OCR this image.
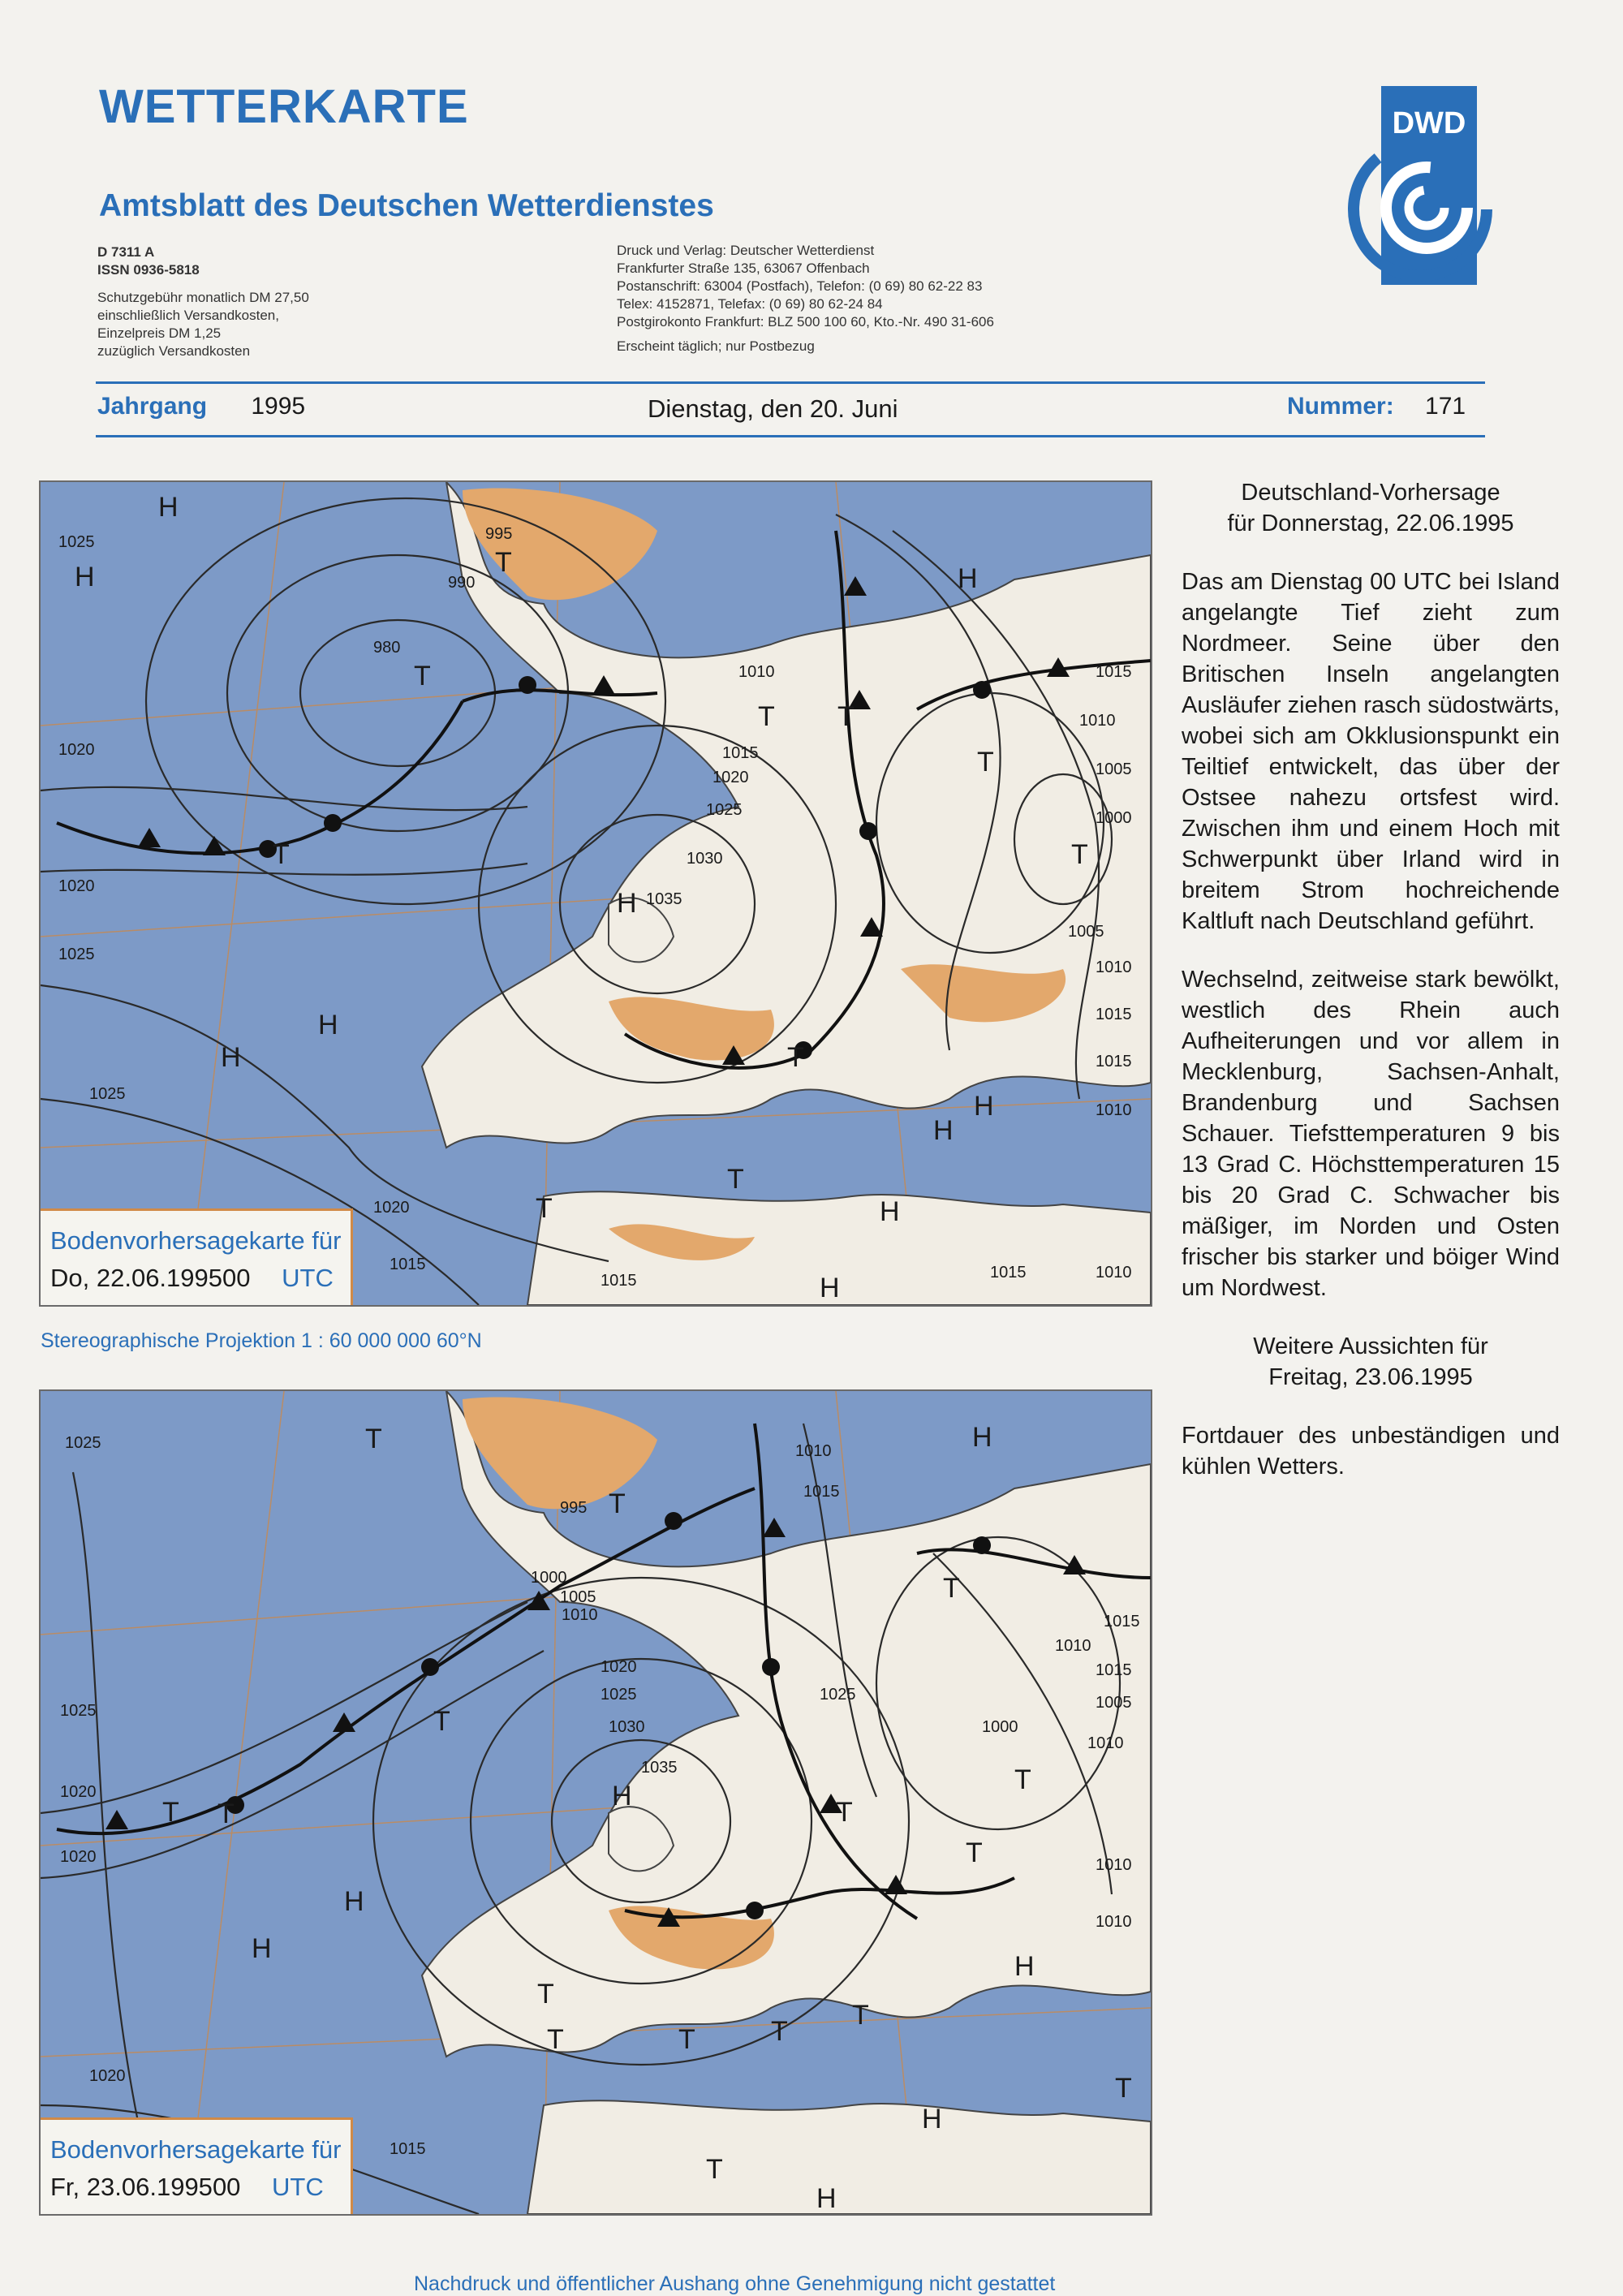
WETTERKARTE
Amtsblatt des Deutschen Wetterdienstes
D 7311 A
ISSN 0936-5818
Schutzgebühr monatlich DM 27,50
einschließlich Versandkosten,
Einzelpreis DM 1,25
zuzüglich Versandkosten
Druck und Verlag: Deutscher Wetterdienst
Frankfurter Straße 135, 63067 Offenbach
Postanschrift: 63004 (Postfach), Telefon: (0 69) 80 62-22 83
Telex: 4152871, Telefax: (0 69) 80 62-24 84
Postgirokonto Frankfurt: BLZ 500 100 60, Kto.-Nr. 490 31-606
Erscheint täglich; nur Postbezug
DWD
Jahrgang 1995	Dienstag, den 20. Juni	Nummer: 171
995
990
980
1025
1020
1020
1025
1025
1010
1015
1020
1025
1030
1035
1015
1010
1005
1000
1005
1010
1015
1015
1010
1020
1015
1015	1015	1010
H
H	H
H
H
H
H
H
H
H
T
T
T T
T
T
T
T
T
T
Bodenvorhersagekarte für
Do, 22.06.199500 UTC
Stereographische Projektion 1 : 60 000 000 60°N
1025
995
1000
1005
1010
1010
1015
1015
1020
1025
1030
1035
1025
1020
1015
1010
1005
1000
1010
1025
1020
1020
1015
1010
1010
H
H
H
H
H
H
H
T
T
T
T
T
T T	T
T
T
T	T	T
T
T
T
Bodenvorhersagekarte für
Fr, 23.06.199500 UTC

Deutschland-Vorhersage

für Donnerstag, 22.06.1995

Das am Dienstag 00 UTC bei Island angelangte Tief zieht zum Nordmeer. Seine über den Britischen Inseln angelangten Ausläufer ziehen rasch südostwärts, wobei sich am Okklusionspunkt ein Teiltief entwickelt, das über der Ostsee nahezu ortsfest wird. Zwischen ihm und einem Hoch mit Schwerpunkt über Irland wird in breitem Strom hochreichende Kaltluft nach Deutschland geführt.

Wechselnd, zeitweise stark bewölkt, westlich des Rhein auch Aufheiterungen und vor allem in Mecklenburg, Sachsen-Anhalt, Brandenburg und Sachsen Schauer. Tiefsttemperaturen 9 bis 13 Grad C. Höchsttemperaturen 15 bis 20 Grad C. Schwacher bis mäßiger, im Norden und Osten frischer bis starker und böiger Wind um Nordwest.

Weitere Aussichten für

Freitag, 23.06.1995

Fortdauer des unbeständigen und kühlen Wetters.

Nachdruck und öffentlicher Aushang ohne Genehmigung nicht gestattet
